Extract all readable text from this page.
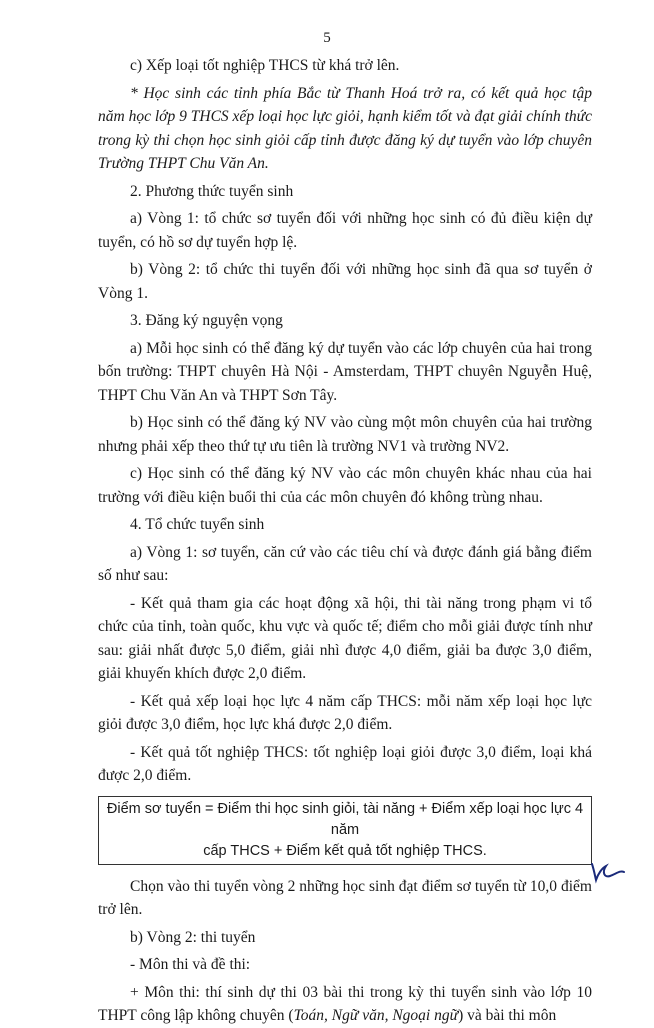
5

c) Xếp loại tốt nghiệp THCS từ khá trở lên.

* Học sinh các tỉnh phía Bắc từ Thanh Hoá trở ra, có kết quả học tập năm học lớp 9 THCS xếp loại học lực giỏi, hạnh kiểm tốt và đạt giải chính thức trong kỳ thi chọn học sinh giỏi cấp tỉnh được đăng ký dự tuyển vào lớp chuyên Trường THPT Chu Văn An.

2. Phương thức tuyển sinh

a) Vòng 1: tổ chức sơ tuyển đối với những học sinh có đủ điều kiện dự tuyển, có hồ sơ dự tuyển hợp lệ.

b) Vòng 2: tổ chức thi tuyển đối với những học sinh đã qua sơ tuyển ở Vòng 1.

3. Đăng ký nguyện vọng

a) Mỗi học sinh có thể đăng ký dự tuyển vào các lớp chuyên của hai trong bốn trường: THPT chuyên Hà Nội - Amsterdam, THPT chuyên Nguyễn Huệ, THPT Chu Văn An và THPT Sơn Tây.

b) Học sinh có thể đăng ký NV vào cùng một môn chuyên của hai trường nhưng phải xếp theo thứ tự ưu tiên là trường NV1 và trường NV2.

c) Học sinh có thể đăng ký NV vào các môn chuyên khác nhau của hai trường với điều kiện buổi thi của các môn chuyên đó không trùng nhau.

4. Tổ chức tuyển sinh

a) Vòng 1: sơ tuyển, căn cứ vào các tiêu chí và được đánh giá bằng điểm số như sau:

- Kết quả tham gia các hoạt động xã hội, thi tài năng trong phạm vi tổ chức của tỉnh, toàn quốc, khu vực và quốc tế; điểm cho mỗi giải được tính như sau: giải nhất được 5,0 điểm, giải nhì được 4,0 điểm, giải ba được 3,0 điểm, giải khuyến khích được 2,0 điểm.

- Kết quả xếp loại học lực 4 năm cấp THCS: mỗi năm xếp loại học lực giỏi được 3,0 điểm, học lực khá được 2,0 điểm.

- Kết quả tốt nghiệp THCS: tốt nghiệp loại giỏi được 3,0 điểm, loại khá được 2,0 điểm.

Điểm sơ tuyển = Điểm thi học sinh giỏi, tài năng + Điểm xếp loại học lực 4 năm
cấp THCS + Điểm kết quả tốt nghiệp THCS.

Chọn vào thi tuyển vòng 2 những học sinh đạt điểm sơ tuyển từ 10,0 điểm trở lên.

b) Vòng 2: thi tuyển

- Môn thi và đề thi:

+ Môn thi: thí sinh dự thi 03 bài thi trong kỳ thi tuyển sinh vào lớp 10 THPT công lập không chuyên (Toán, Ngữ văn, Ngoại ngữ) và bài thi môn
